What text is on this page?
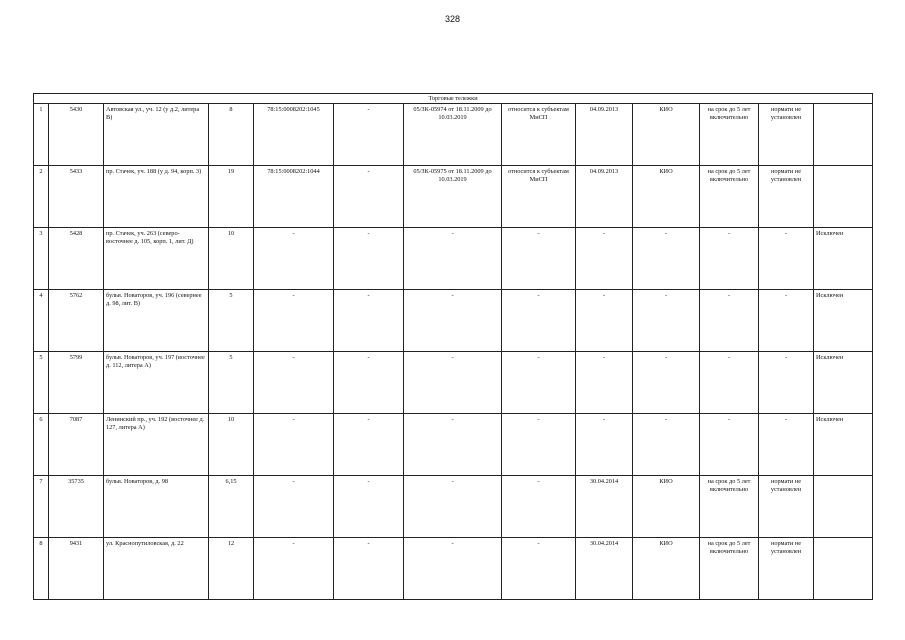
328
Торговые тележки												
1	5430	Автовская ул., уч. 12 (у д.2, литера В)	8	78:15:0008202:1045	-	05/ЗК-05974 от 18.11.2009 до 10.03.2019	относится к субъектам МиСП	04.09.2013	КИО	на срок до 5 лет включительно	нормати не установлен	
2	5433	пр. Стачек, уч. 188 (у д. 94, корп. 3)	19	78:15:0008202:1044	-	05/ЗК-05975 от 18.11.2009 до 10.03.2019	относится к субъектам МиСП	04.09.2013	КИО	на срок до 5 лет включительно	нормати не установлен	
3	5428	пр. Стачек, уч. 263 (северо-восточнее д. 105, корп. 1, лит. Д)	10	-	-	-	-	-	-	-	-	Исключен
4	5762	бульв. Новаторов, уч. 196 (севернее д. 98, лит. В)	5	-	-	-	-	-	-	-	-	Исключен
5	5799	бульв. Новаторов, уч. 197 (восточнее д. 112, литера А)	5	-	-	-	-	-	-	-	-	Исключен
6	7087	Ленинский пр., уч. 192 (восточнее д. 127, литера А)	10	-	-	-	-	-	-	-	-	Исключен
7	35735	бульв. Новаторов, д. 98	6,15	-	-	-	-	30.04.2014	КИО	на срок до 5 лет включительно	нормати не установлен	
8	9431	ул. Краснопутиловская, д. 22	12	-	-	-	-	30.04.2014	КИО	на срок до 5 лет включительно	нормати не установлен	
